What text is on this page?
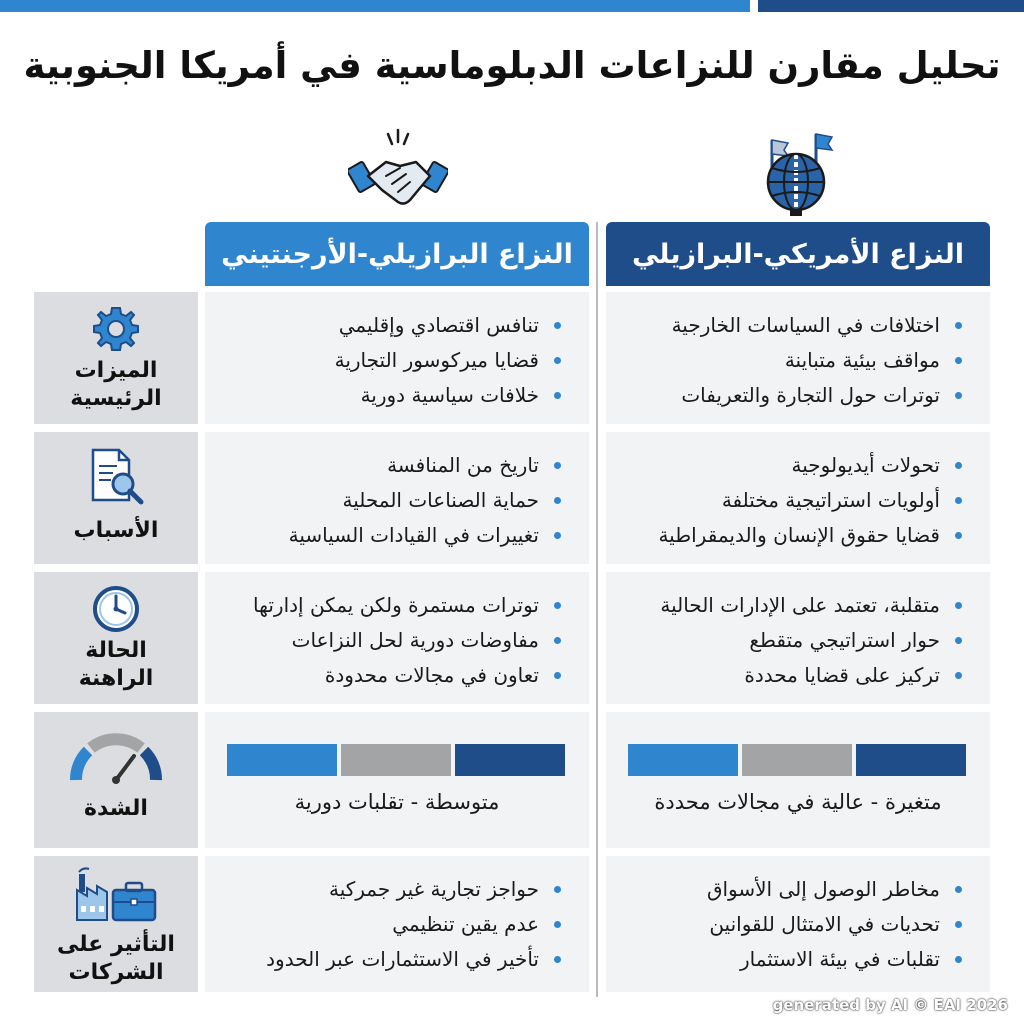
تحليل مقارن للنزاعات الدبلوماسية في أمريكا الجنوبية
النزاع الأمريكي-البرازيلي
النزاع البرازيلي-الأرجنتيني
الميزات
الرئيسية
اختلافات في السياسات الخارجية
مواقف بيئية متباينة
توترات حول التجارة والتعريفات
تنافس اقتصادي وإقليمي
قضايا ميركوسور التجارية
خلافات سياسية دورية
الأسباب
تحولات أيديولوجية
أولويات استراتيجية مختلفة
قضايا حقوق الإنسان والديمقراطية
تاريخ من المنافسة
حماية الصناعات المحلية
تغييرات في القيادات السياسية
الحالة
الراهنة
متقلبة، تعتمد على الإدارات الحالية
حوار استراتيجي متقطع
تركيز على قضايا محددة
توترات مستمرة ولكن يمكن إدارتها
مفاوضات دورية لحل النزاعات
تعاون في مجالات محدودة
الشدة	متغيرة - عالية في مجالات محددة
متوسطة - تقلبات دورية
التأثير على
الشركات
مخاطر الوصول إلى الأسواق
تحديات في الامتثال للقوانين
تقلبات في بيئة الاستثمار
حواجز تجارية غير جمركية
عدم يقين تنظيمي
تأخير في الاستثمارات عبر الحدود
generated by AI © EAI 2026
